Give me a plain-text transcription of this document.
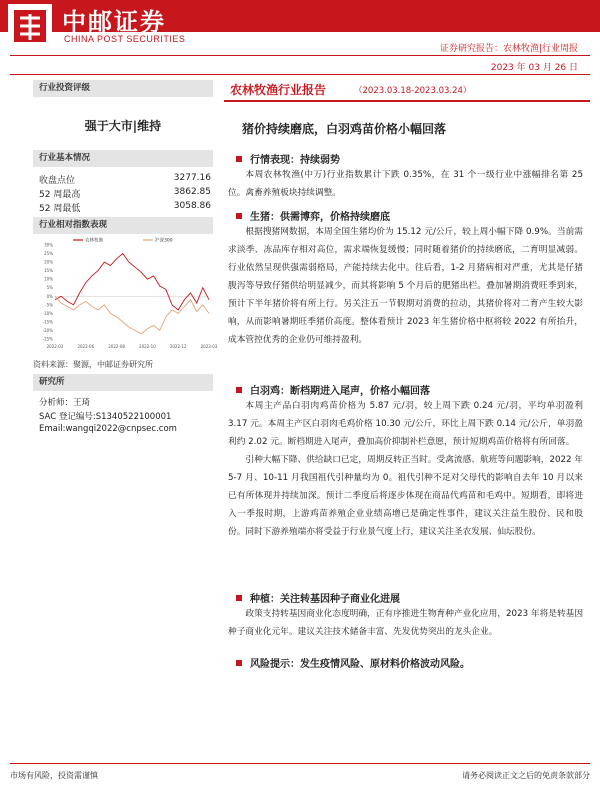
中邮证券
CHINA POST SECURITIES
证券研究报告：农林牧渔|行业周报
2023 年 03 月 26 日
行业投资评级
强于大市|维持
行业基本情况
收盘点位	3277.16
52 周最高	3862.85
52 周最低	3058.86
行业相对指数表现
30%
25%
20%
15%
10%
5%
0%
-5%
-10%
-15%
-20%
-25%
2022-03	2022-06	2022-08	2022-10	2022-12	2023-03
农林牧渔	沪深300
资料来源：聚源，中邮证券研究所
研究所
分析师：王琦
SAC 登记编号:S1340522100001
Email:wangqi2022@cnpsec.com
农林牧渔行业报告	（2023.03.18-2023.03.24）
猪价持续磨底，白羽鸡苗价格小幅回落
行情表现：持续弱势

本周农林牧渔(中万)行业指数累计下跌 0.35%，在 31 个一级行业中涨幅排名第 25 位。禽畜养殖板块持续调整。

生猪：供需博弈，价格持续磨底

根据搜猪网数据，本周全国生猪均价为 15.12 元/公斤，较上周小幅下降 0.9%。当前需求淡季、冻品库存相对高位，需求端恢复缓慢；同时随着猪价的持续磨底，二育明显减弱。行业依然呈现供强需弱格局，产能持续去化中。往后看，1-2 月猪病相对严重，尤其是仔猪腹泻等导致仔猪供给明显减少，而其将影响 5 个月后的肥猪出栏。叠加暑期消费旺季到来，预计下半年猪价将有所上行。另关注五一节假期对消费的拉动，其猪价将对二育产生较大影响，从而影响暑期旺季猪价高度。整体看预计 2023 年生猪价格中枢将较 2022 有所抬升，成本管控优秀的企业仍可维持盈利。

白羽鸡：断档期进入尾声，价格小幅回落

本周主产品白羽肉鸡苗价格为 5.87 元/羽，较上周下跌 0.24 元/羽，平均单羽盈利 3.17 元。本周主产区白羽肉毛鸡价格 10.30 元/公斤，环比上周下跌 0.14 元/公斤，单羽盈利约 2.02 元。断档期进入尾声，叠加高价抑制补栏意愿，预计短期鸡苗价格将有所回落。

引种大幅下降、供给缺口已定，周期反转正当时。受禽流感、航班等问题影响，2022 年 5-7 月、10-11 月我国祖代引种量均为 0。祖代引种不足对父母代的影响自去年 10 月以来已有所体现并持续加深。预计二季度后将逐步体现在商品代鸡苗和毛鸡中。短期看，即将进入一季报时期，上游鸡苗养殖企业业绩高增已是确定性事件，建议关注益生股份、民和股份。同时下游养殖端亦将受益于行业景气度上行，建议关注圣农发展、仙坛股份。

种植：关注转基因种子商业化进展

政策支持转基因商业化态度明确，正有序推进生物育种产业化应用，2023 年将是转基因种子商业化元年。建议关注技术储备丰富、先发优势突出的龙头企业。

风险提示：发生疫情风险、原材料价格波动风险。
市场有风险，投资需谨慎	请务必阅读正文之后的免责条款部分
